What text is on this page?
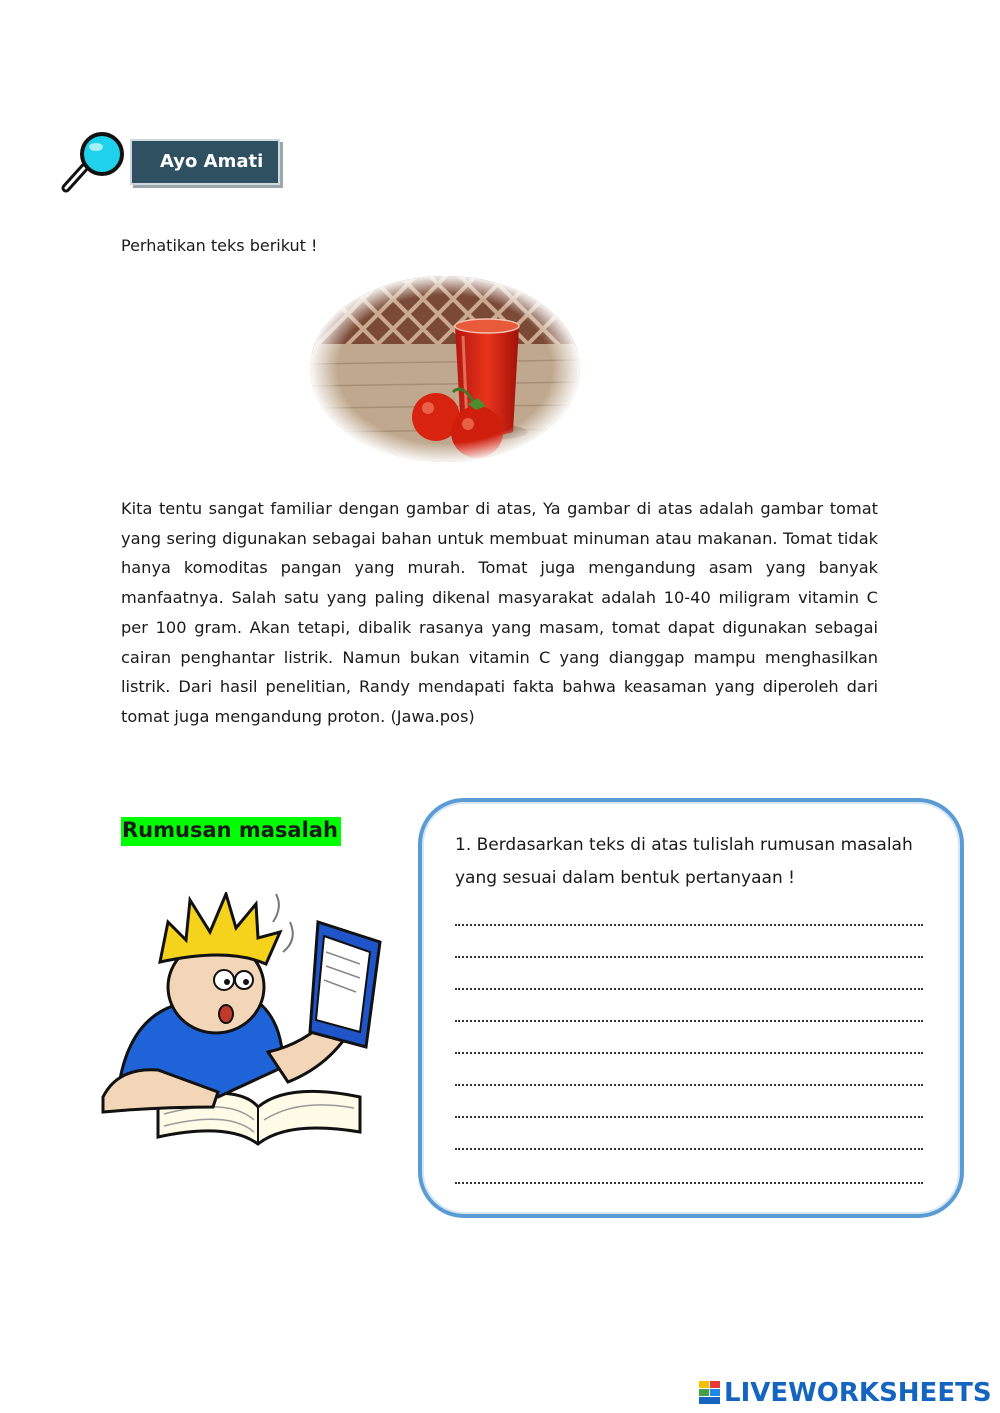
Ayo Amati
Perhatikan teks berikut !
Kita tentu sangat familiar dengan gambar di atas, Ya gambar di atas adalah gambar tomat yang sering digunakan sebagai bahan untuk membuat minuman atau makanan. Tomat tidak hanya komoditas pangan yang murah. Tomat juga mengandung asam yang banyak manfaatnya. Salah satu yang paling dikenal masyarakat adalah 10-40 miligram vitamin C per 100 gram. Akan tetapi, dibalik rasanya yang masam, tomat dapat digunakan sebagai cairan penghantar listrik. Namun bukan vitamin C yang dianggap mampu menghasilkan listrik. Dari hasil penelitian, Randy mendapati fakta bahwa keasaman yang diperoleh dari tomat juga mengandung proton. (Jawa.pos)
Rumusan masalah
1. Berdasarkan teks di atas tulislah rumusan masalah yang sesuai dalam bentuk pertanyaan !
LIVEWORKSHEETS
